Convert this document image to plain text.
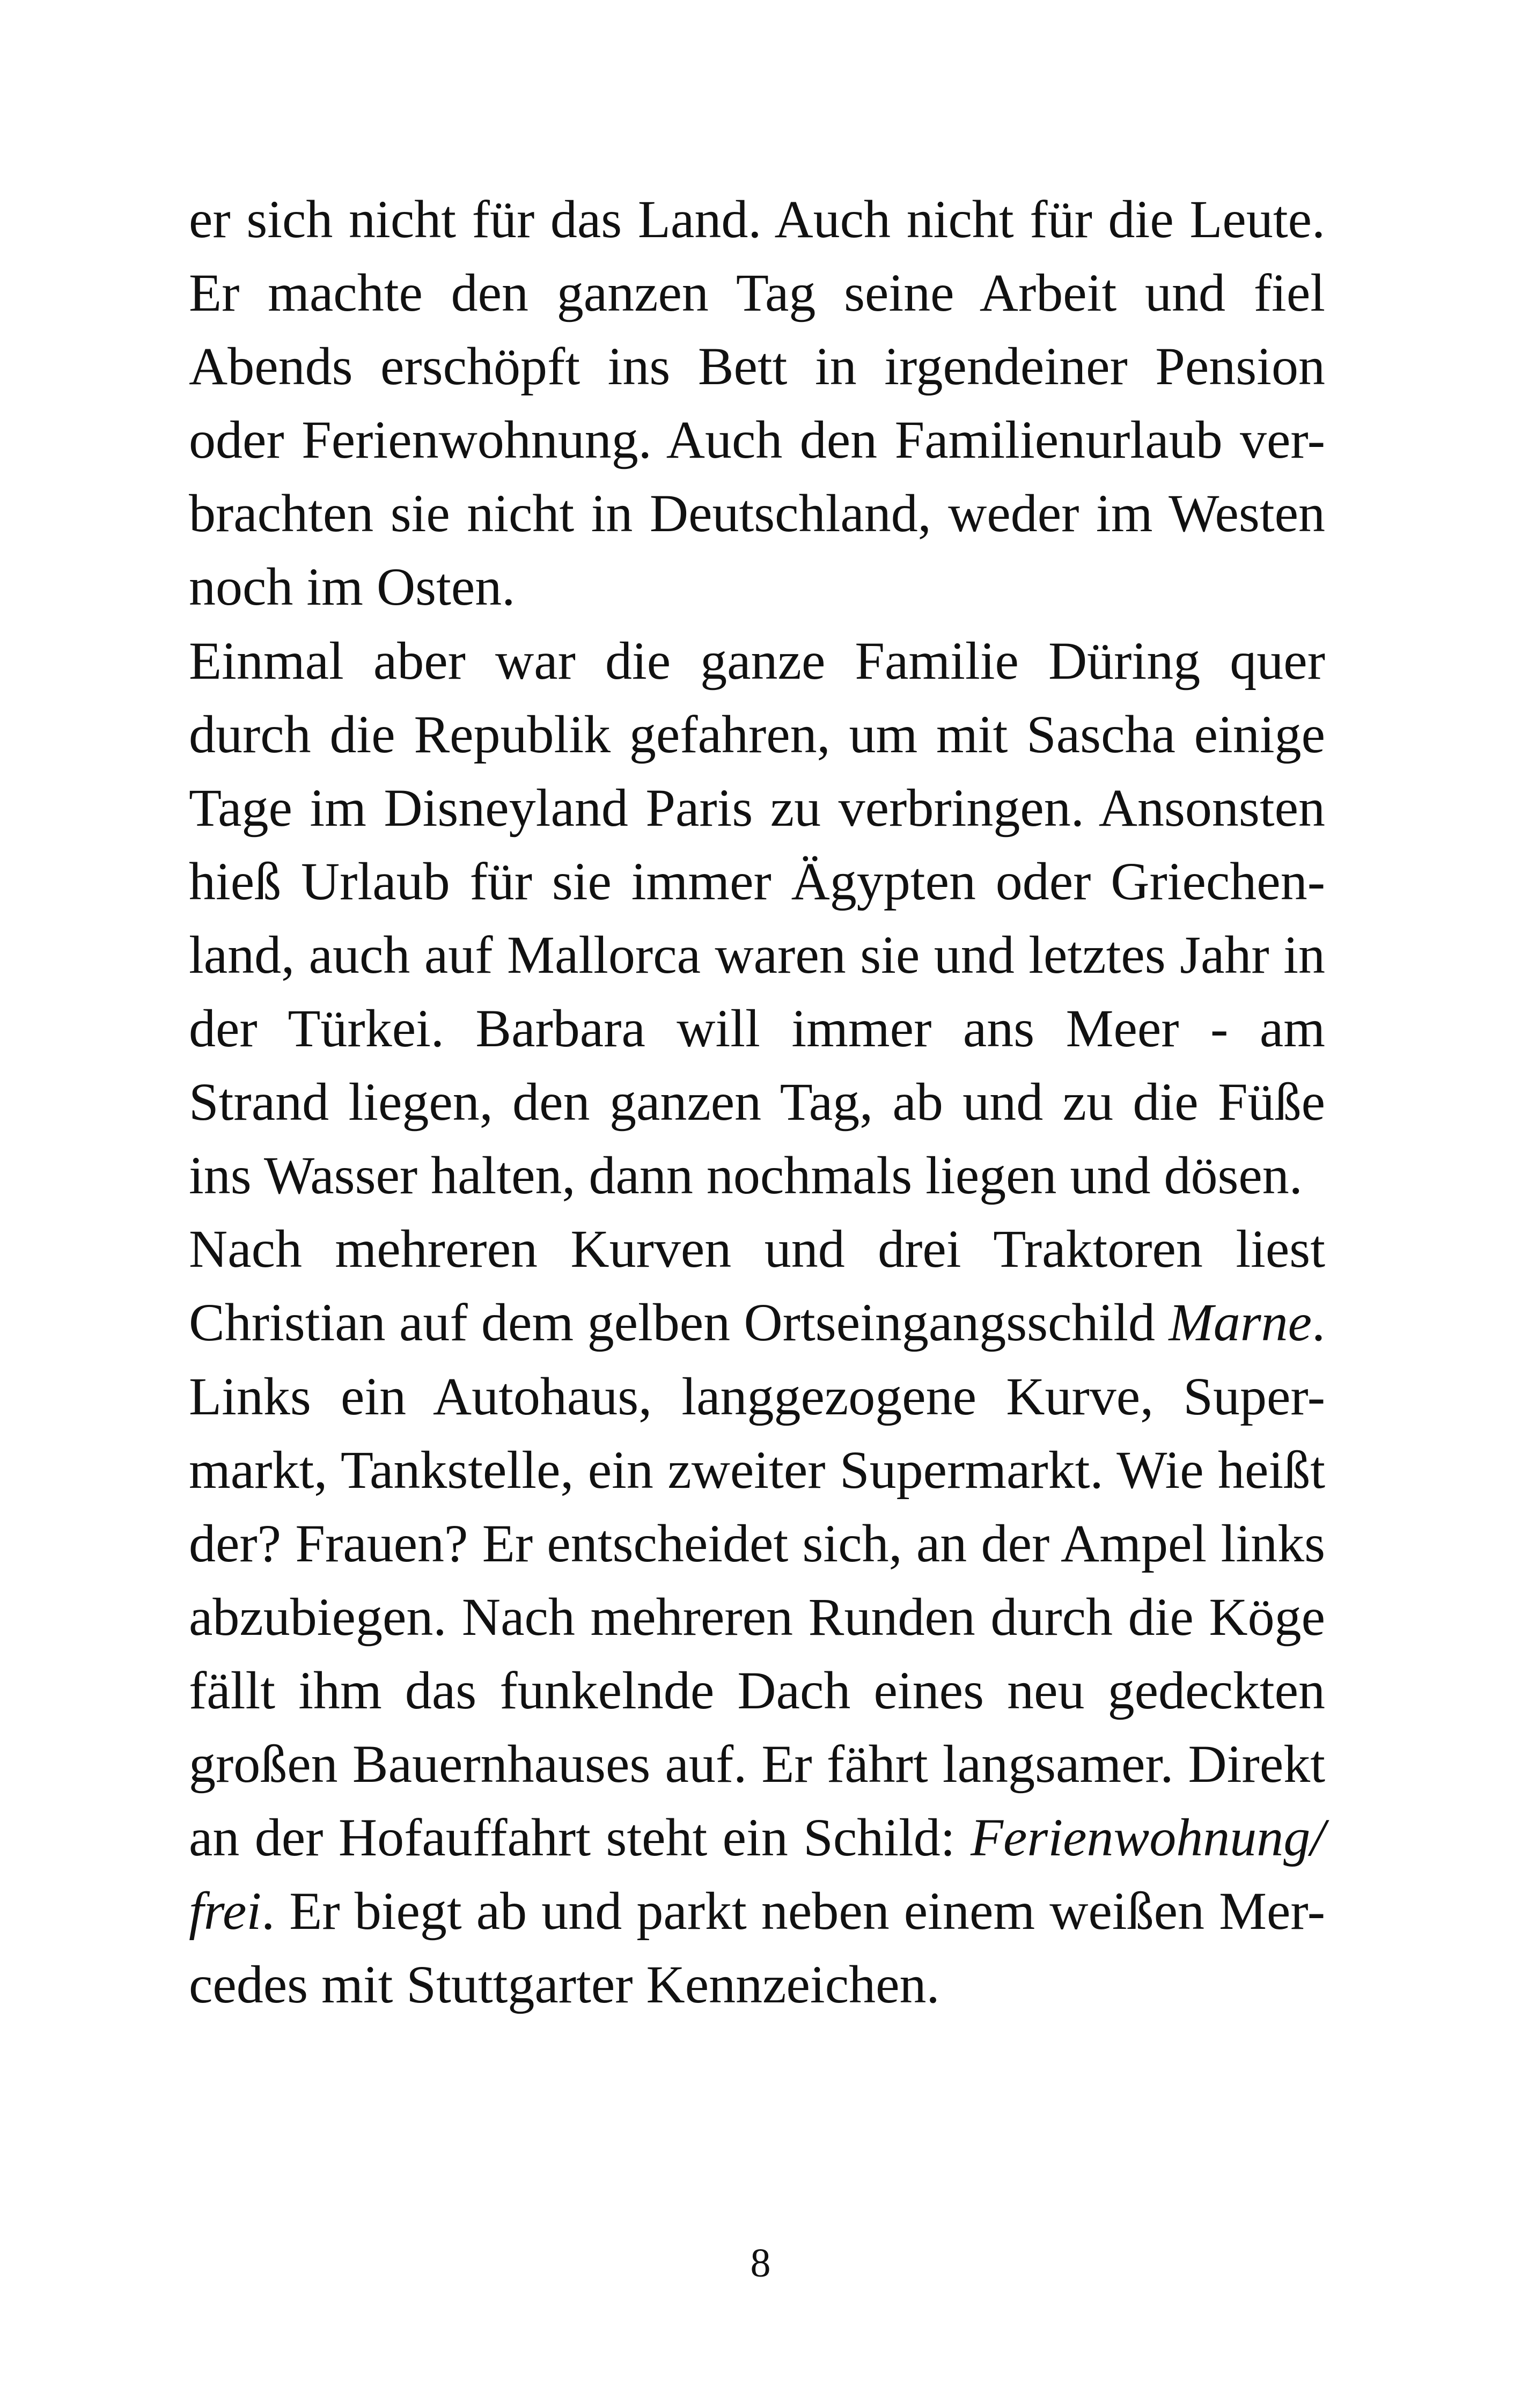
er sich nicht für das Land. Auch nicht für die Leute.
Er machte den ganzen Tag seine Arbeit und fiel
Abends erschöpft ins Bett in irgendeiner Pension
oder Ferienwohnung. Auch den Familienurlaub ver-
brachten sie nicht in Deutschland, weder im Westen
noch im Osten.
Einmal aber war die ganze Familie Düring quer
durch die Republik gefahren, um mit Sascha einige
Tage im Disneyland Paris zu verbringen. Ansonsten
hieß Urlaub für sie immer Ägypten oder Griechen-
land, auch auf Mallorca waren sie und letztes Jahr in
der Türkei. Barbara will immer ans Meer - am
Strand liegen, den ganzen Tag, ab und zu die Füße
ins Wasser halten, dann nochmals liegen und dösen.
Nach mehreren Kurven und drei Traktoren liest
Christian auf dem gelben Ortseingangsschild Marne.
Links ein Autohaus, langgezogene Kurve, Super-
markt, Tankstelle, ein zweiter Supermarkt. Wie heißt
der? Frauen? Er entscheidet sich, an der Ampel links
abzubiegen. Nach mehreren Runden durch die Köge
fällt ihm das funkelnde Dach eines neu gedeckten
großen Bauernhauses auf. Er fährt langsamer. Direkt
an der Hofauffahrt steht ein Schild: Ferienwohnung/
frei. Er biegt ab und parkt neben einem weißen Mer-
cedes mit Stuttgarter Kennzeichen.
8
